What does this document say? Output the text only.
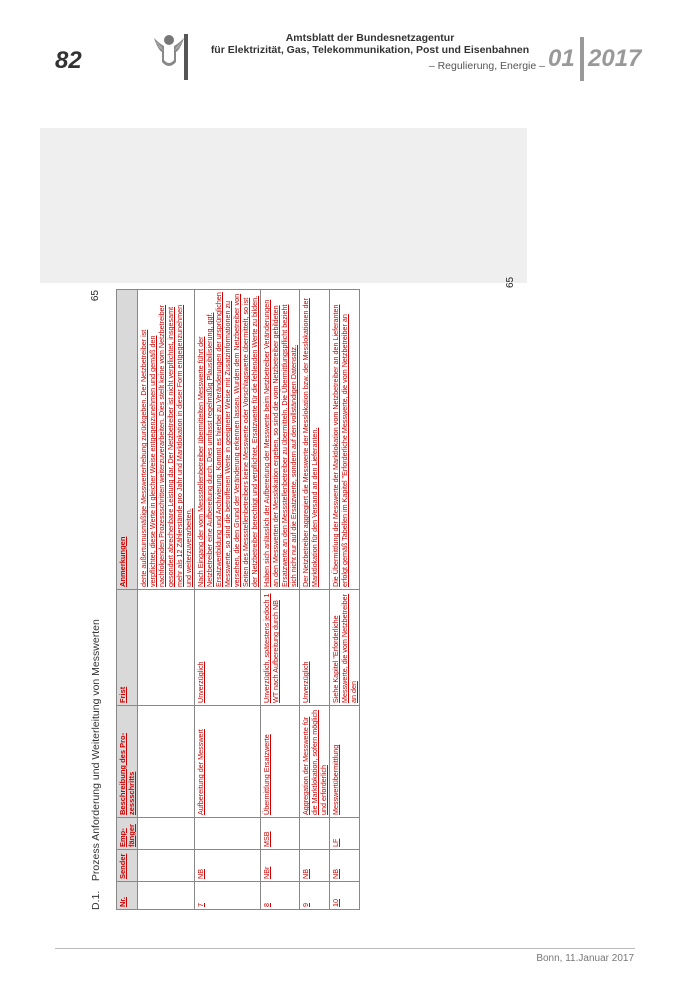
82
Amtsblatt der Bundesnetzagentur
für Elektrizität, Gas, Telekommunikation, Post und Eisenbahnen
– Regulierung, Energie – 01 2017
D.1. Prozess Anforderung und Weiterleitung von Messwerten
65
Nr.	Sender	Emp-fänger	Beschreibung des Pro-zessschritts	Frist	Anmerkungen
					derte außerturnusmäßige Messwerterhebung zurückgeben. Der Netzbetreiber ist verpflichtet, diese Werte in gleicher Weise entgegenzunehmen und gemäß den nachfolgenden Prozessschritten weiterzuverarbeiten. Dies stellt keine vom Netzbetreiber gesondert abrechenbare Leistung dar. Der Netzbetreiber ist nicht verpflichtet, insgesamt mehr als 12 Zählerstände pro Jahr und Marktlokation in dieser Form entgegenzunehmen und weiterzuverarbeiten.
7	NB		Aufbereitung der Messwert	Unverzüglich	Nach Eingang der vom Messstellenbetreiber übermittelten Messwerte führt der Netzbetreiber eine Aufbereitung durch. Dies umfasst regelmäßig Plausibilisierung, ggf. Ersatzwertbildung und Archivierung. Kommt es hierbei zu Veränderungen der ursprünglichen Messwerte, so sind die betroffenen Werte in geeigneter Weise mit Zusatzinformationen zu versehen, die den Grund der Veränderung erkennen lassen. Wurden dem Netzbetreiber von Seiten des Messstellenbetreibers keine Messwerte oder Vorschlagswerte übermittelt, so ist der Netzbetreiber berechtigt und verpflichtet, Ersatzwerte für die fehlenden Werte zu bilden.
8	NBr	MSB	Übermittlung Ersatzwerte	Unverzüglich, spätestens jedoch 1 WT nach Aufbereitung durch NB	Haben sich anlässlich der Aufbereitung der Messwerte beim Netzbetreiber Veränderungen an den Messwerten der Messlokation ergeben, so sind die vom Netzbetreiber gebildeten Ersatzwerte an den Messstellenbetreiber zu übermitteln. Die Übermittlungspflicht bezieht sich nicht nur auf die Ersatzwerte, sondern auf den vollständigen Datensatz.
9	NB		Aggregation der Messwerte für die Marktlokation, sofern möglich und erforderlich	Unverzüglich	Der Netzbetreiber aggregiert die Messwerte der Messlokation bzw. der Messlokationen der Marktlokation für den Versand an den Lieferanten.
10	NB	LF	Messwertübermittlung	Siehe Kapitel "Erforderliche Messwerte, die vom Netzbetreiber an den	Die Übermittlung der Messwerte der Marktlokation vom Netzbetreiber an den Lieferanten erfolgt gemäß Tabellen im Kapitel "Erforderliche Messwerte, die vom Netzbetreiber an
65
Bonn, 11.Januar 2017
